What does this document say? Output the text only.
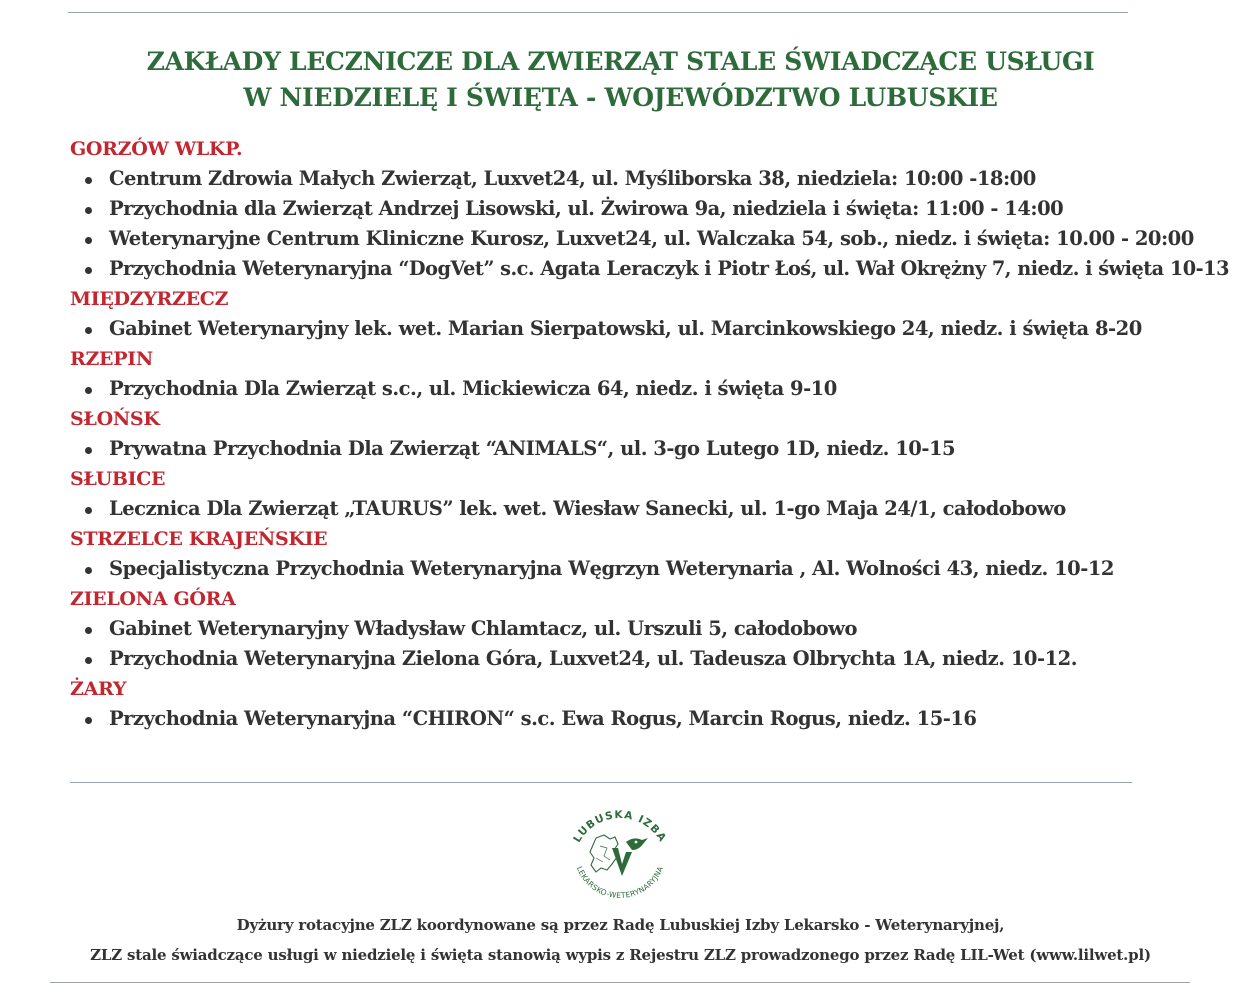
ZAKŁADY LECZNICZE DLA ZWIERZĄT STALE ŚWIADCZĄCE USŁUGI
W NIEDZIELĘ I ŚWIĘTA - WOJEWÓDZTWO LUBUSKIE
GORZÓW WLKP.
Centrum Zdrowia Małych Zwierząt, Luxvet24, ul. Myśliborska 38, niedziela: 10:00 -18:00
Przychodnia dla Zwierząt Andrzej Lisowski, ul. Żwirowa 9a, niedziela i święta: 11:00 - 14:00
Weterynaryjne Centrum Kliniczne Kurosz, Luxvet24, ul. Walczaka 54, sob., niedz. i święta: 10.00 - 20:00
Przychodnia Weterynaryjna “DogVet” s.c. Agata Leraczyk i Piotr Łoś, ul. Wał Okrężny 7, niedz. i święta 10-13
MIĘDZYRZECZ
Gabinet Weterynaryjny lek. wet. Marian Sierpatowski, ul. Marcinkowskiego 24, niedz. i święta 8-20
RZEPIN
Przychodnia Dla Zwierząt s.c., ul. Mickiewicza 64, niedz. i święta 9-10
SŁOŃSK
Prywatna Przychodnia Dla Zwierząt “ANIMALS“, ul. 3-go Lutego 1D, niedz. 10-15
SŁUBICE
Lecznica Dla Zwierząt „TAURUS” lek. wet. Wiesław Sanecki, ul. 1-go Maja 24/1, całodobowo
STRZELCE KRAJEŃSKIE
Specjalistyczna Przychodnia Weterynaryjna Węgrzyn Weterynaria , Al. Wolności 43, niedz. 10-12
ZIELONA GÓRA
Gabinet Weterynaryjny Władysław Chlamtacz, ul. Urszuli 5, całodobowo
Przychodnia Weterynaryjna Zielona Góra, Luxvet24, ul. Tadeusza Olbrychta 1A, niedz. 10-12.
ŻARY
Przychodnia Weterynaryjna “CHIRON“ s.c. Ewa Rogus, Marcin Rogus, niedz. 15-16
LUBUSKA IZBA
LEKARSKO-WETERYNARYJNA
Dyżury rotacyjne ZLZ koordynowane są przez Radę Lubuskiej Izby Lekarsko - Weterynaryjnej,
ZLZ stale świadczące usługi w niedzielę i święta stanowią wypis z Rejestru ZLZ prowadzonego przez Radę LIL-Wet (www.lilwet.pl)
